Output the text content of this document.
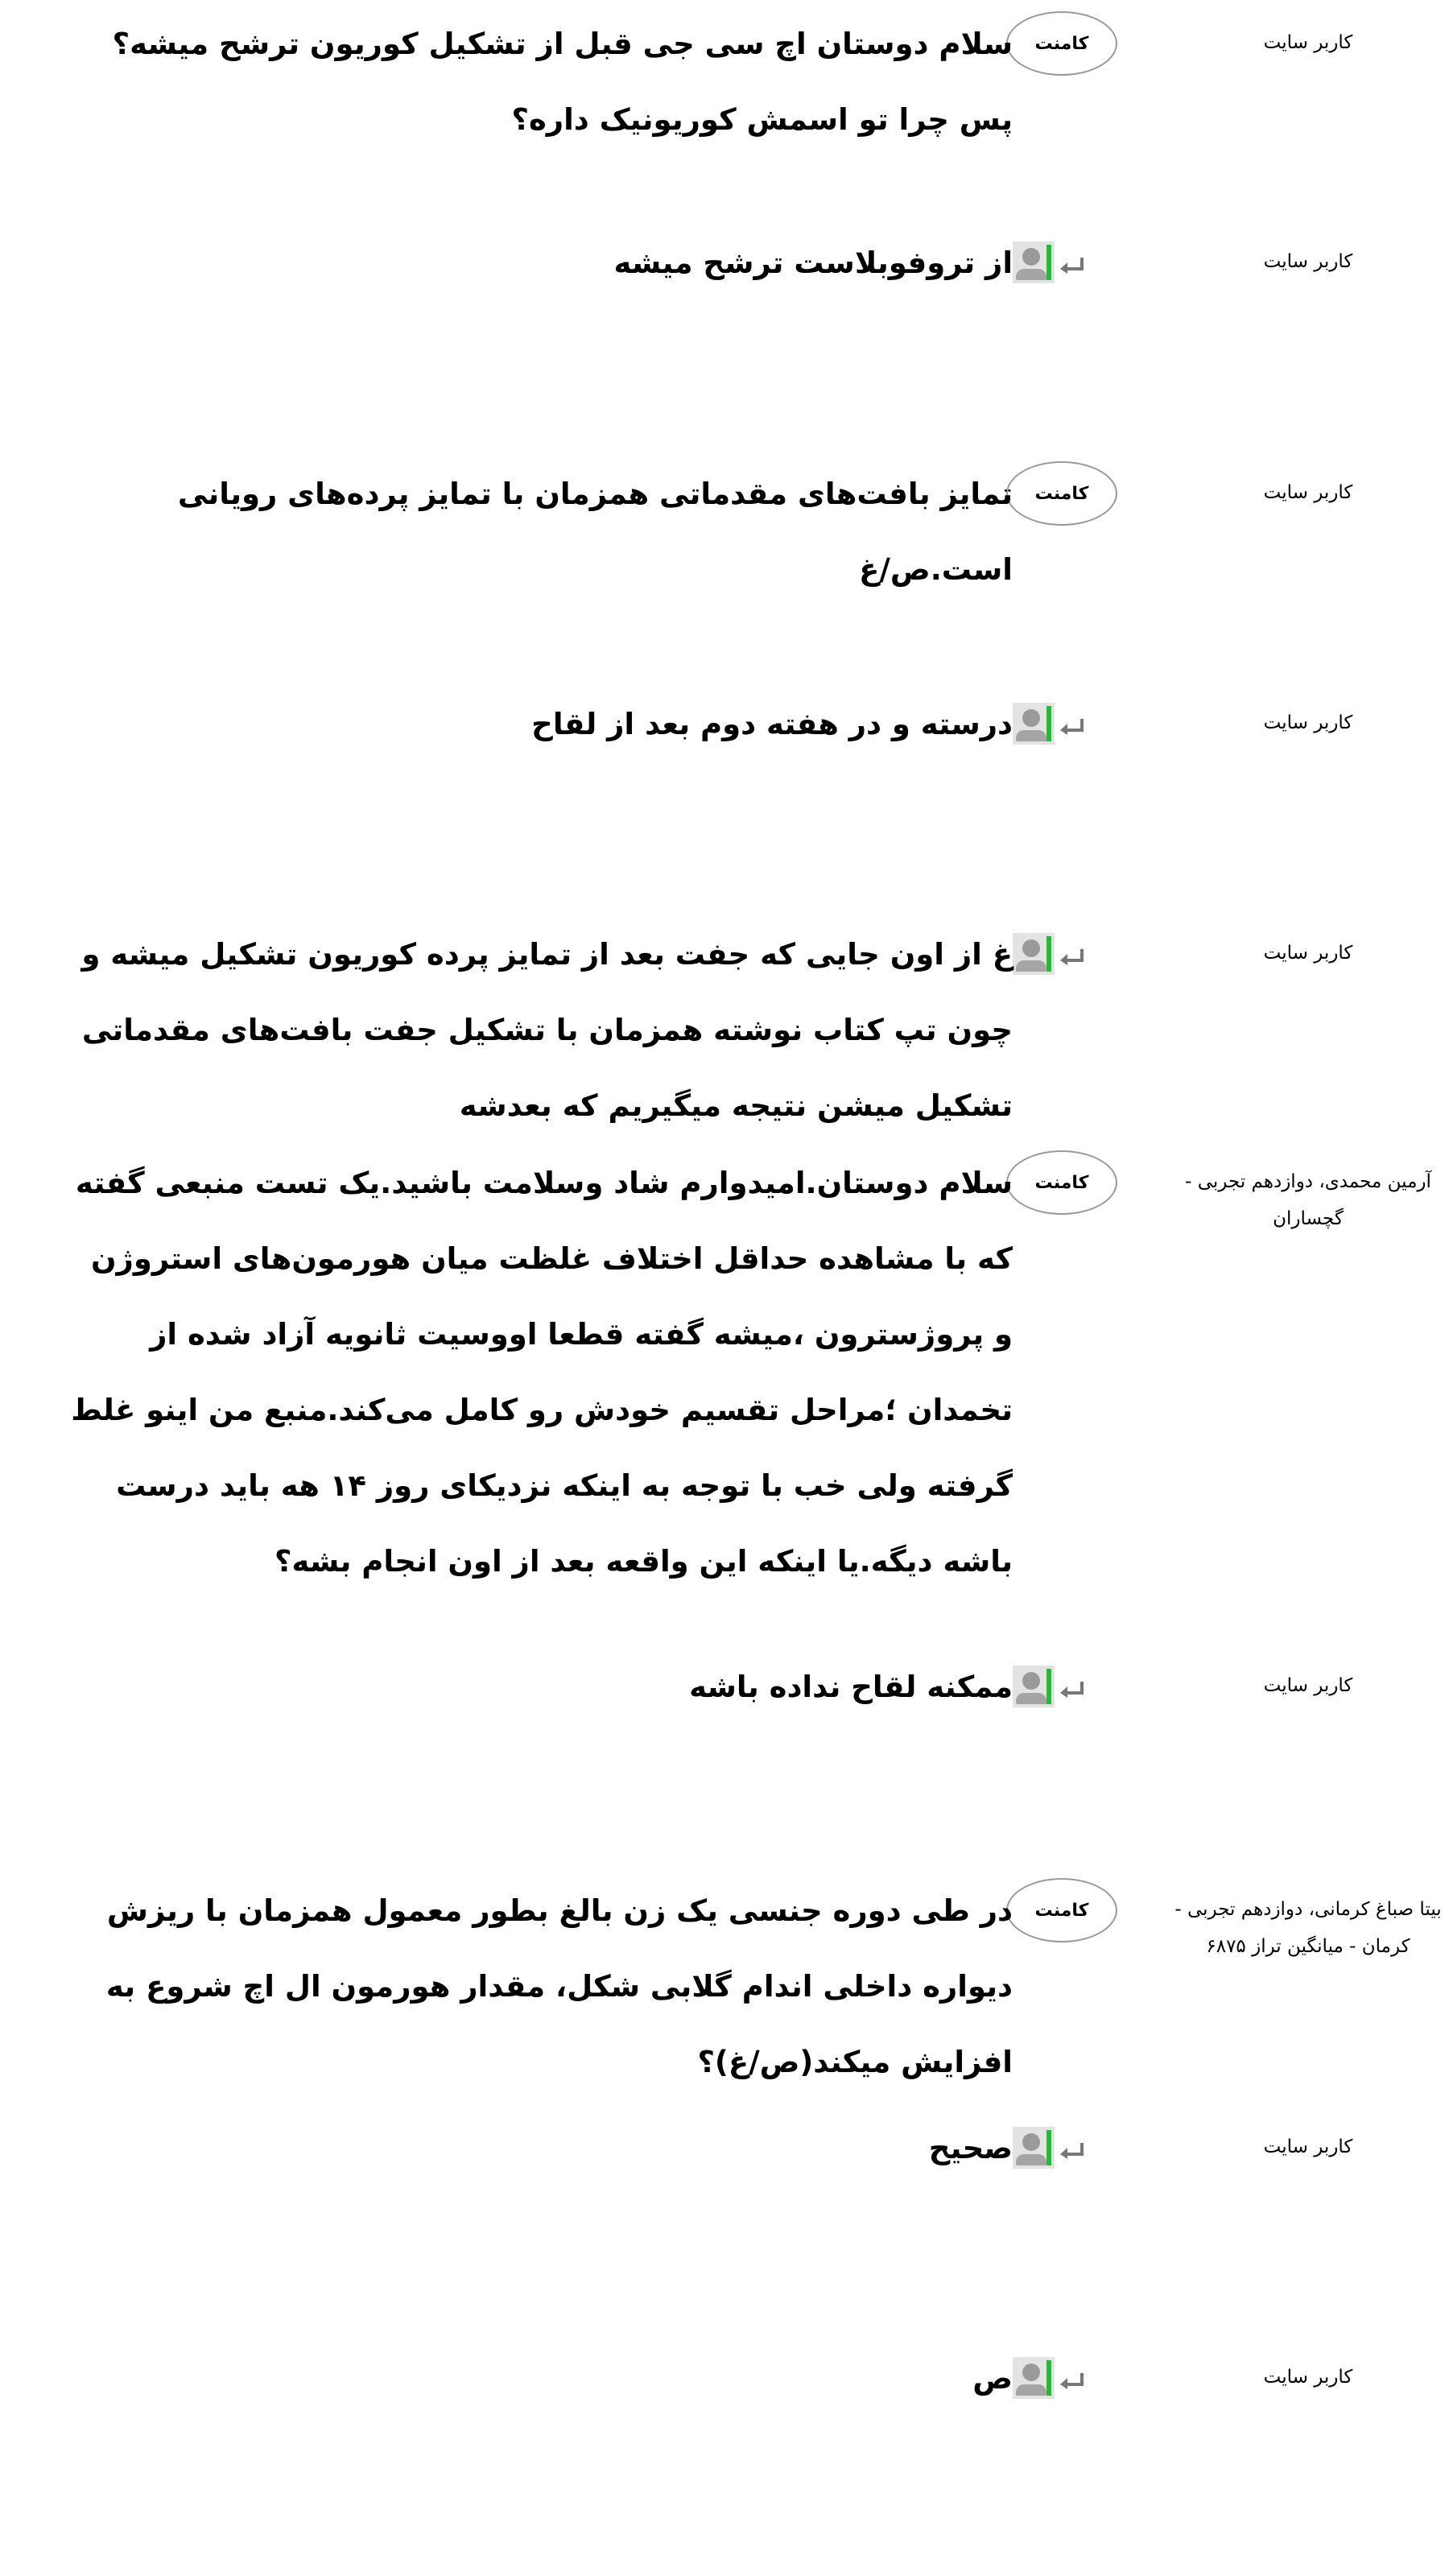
کاربر سایت
کامنت
سلام دوستان اچ سی جی قبل از تشکیل کوریون ترشح میشه؟ پس چرا تو اسمش کوریونیک داره؟
کاربر سایت
از تروفوبلاست ترشح میشه
کاربر سایت
کامنت
تمایز بافت‌های مقدماتی همزمان با تمایز پرده‌های رویانی است.ص/غ
کاربر سایت
درسته و در هفته دوم بعد از لقاح
کاربر سایت
غ از اون جایی که جفت بعد از تمایز پرده کوریون تشکیل میشه و چون تپ کتاب نوشته همزمان با تشکیل جفت بافت‌های مقدماتی تشکیل میشن نتیجه میگیریم که بعدشه
آرمین محمدی، دوازدهم تجربی - گچساران
کامنت
سلام دوستان.امیدوارم شاد وسلامت باشید.یک تست منبعی گفته که با مشاهده حداقل اختلاف غلظت میان هورمون‌های استروژن و پروژسترون ،میشه گفته قطعا اووسیت ثانویه آزاد شده از تخمدان ؛مراحل تقسیم خودش رو کامل می‌کند.منبع من اینو غلط گرفته ولی خب با توجه به اینکه نزدیکای روز ۱۴ هه باید درست باشه دیگه.یا اینکه این واقعه بعد از اون انجام بشه؟
کاربر سایت
ممکنه لقاح نداده باشه
بیتا صباغ کرمانی، دوازدهم تجربی - کرمان - میانگین تراز ۶۸۷۵
کامنت
در طی دوره جنسی یک زن بالغ بطور معمول همزمان با ریزش دیواره داخلی اندام گلابی شکل، مقدار هورمون ال اچ شروع به افزایش میکند(ص/غ)؟
کاربر سایت
صحیح
کاربر سایت
ص
